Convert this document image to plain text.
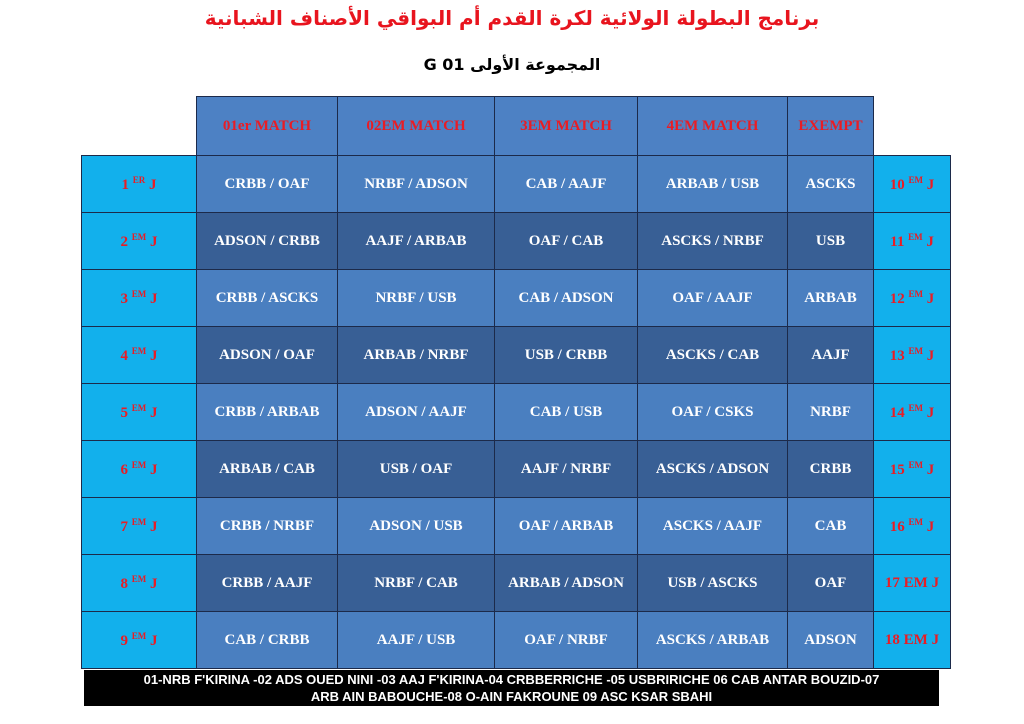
برنامج البطولة الولائية لكرة القدم أم البواقي الأصناف الشبانية
المجموعة الأولى G 01
	01er MATCH	02EM MATCH	3EM MATCH	4EM MATCH	EXEMPT	
1 $^{ER}$ J	CRBB / OAF	NRBF / ADSON	CAB / AAJF	ARBAB / USB	ASCKS	10 $^{EM}$ J
2 $^{EM}$ J	ADSON / CRBB	AAJF / ARBAB	OAF / CAB	ASCKS / NRBF	USB	11 $^{EM}$ J
3 $^{EM}$ J	CRBB / ASCKS	NRBF / USB	CAB / ADSON	OAF / AAJF	ARBAB	12 $^{EM}$ J
4 $^{EM}$ J	ADSON / OAF	ARBAB / NRBF	USB / CRBB	ASCKS / CAB	AAJF	13 $^{EM}$ J
5 $^{EM}$ J	CRBB / ARBAB	ADSON / AAJF	CAB / USB	OAF / CSKS	NRBF	14 $^{EM}$ J
6 $^{EM}$ J	ARBAB / CAB	USB / OAF	AAJF / NRBF	ASCKS / ADSON	CRBB	15 $^{EM}$ J
7 $^{EM}$ J	CRBB / NRBF	ADSON / USB	OAF / ARBAB	ASCKS / AAJF	CAB	16 $^{EM}$ J
8 $^{EM}$ J	CRBB / AAJF	NRBF / CAB	ARBAB / ADSON	USB / ASCKS	OAF	17 EM J
9 $^{EM}$ J	CAB / CRBB	AAJF / USB	OAF / NRBF	ASCKS / ARBAB	ADSON	18 EM J
01-NRB F'KIRINA -02 ADS OUED NINI -03 AAJ F'KIRINA-04 CRBBERRICHE -05 USBRIRICHE 06 CAB ANTAR BOUZID-07
ARB AIN BABOUCHE-08 O-AIN FAKROUNE 09 ASC KSAR SBAHI
